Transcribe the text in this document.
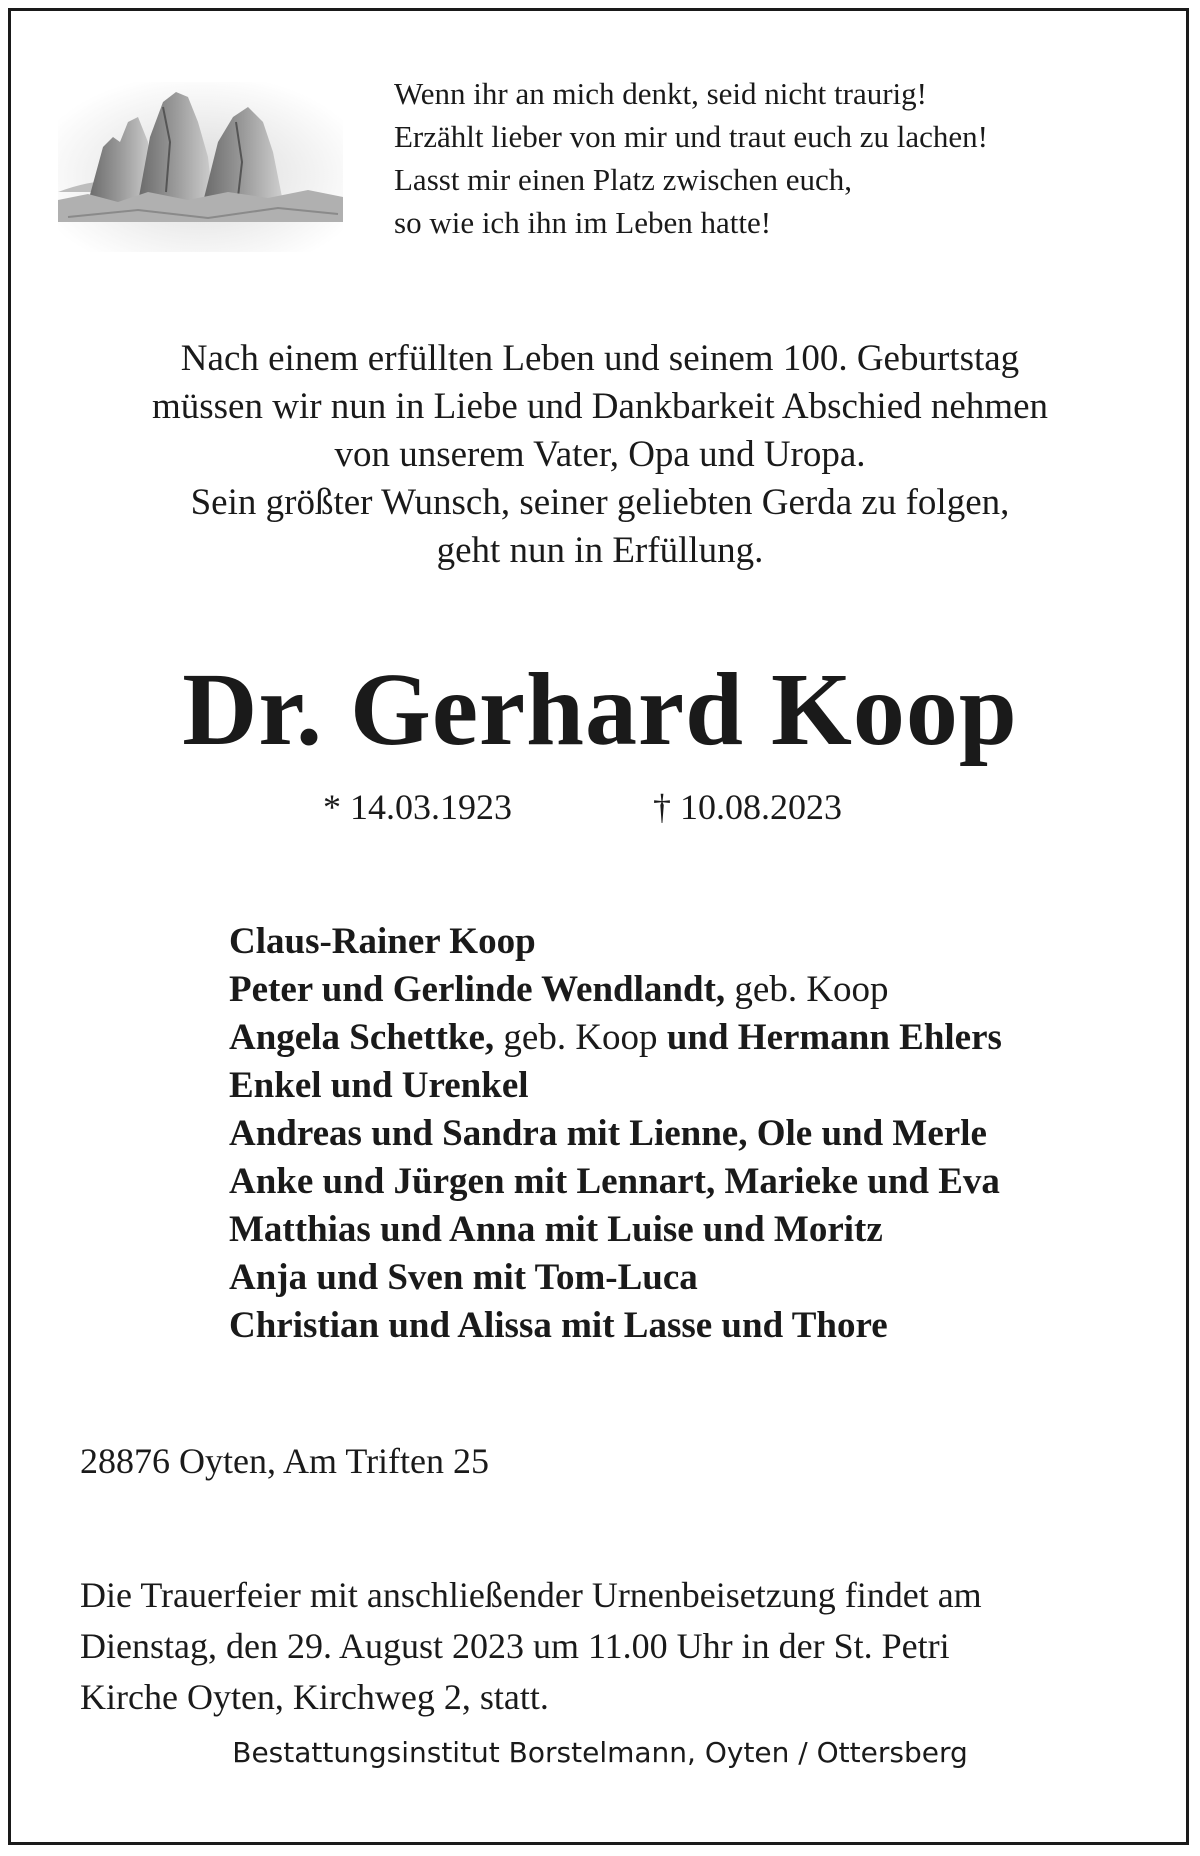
Wenn ihr an mich denkt, seid nicht traurig!
Erzählt lieber von mir und traut euch zu lachen!
Lasst mir einen Platz zwischen euch,
so wie ich ihn im Leben hatte!
Nach einem erfüllten Leben und seinem 100. Geburtstag
müssen wir nun in Liebe und Dankbarkeit Abschied nehmen
von unserem Vater, Opa und Uropa.
Sein größter Wunsch, seiner geliebten Gerda zu folgen,
geht nun in Erfüllung.
Dr. Gerhard Koop
* 14.03.1923	† 10.08.2023
Claus-Rainer Koop
Peter und Gerlinde Wendlandt, geb. Koop
Angela Schettke, geb. Koop und Hermann Ehlers
Enkel und Urenkel
Andreas und Sandra mit Lienne, Ole und Merle
Anke und Jürgen mit Lennart, Marieke und Eva
Matthias und Anna mit Luise und Moritz
Anja und Sven mit Tom-Luca
Christian und Alissa mit Lasse und Thore
28876 Oyten, Am Triften 25
Die Trauerfeier mit anschließender Urnenbeisetzung findet am
Dienstag, den 29. August 2023 um 11.00 Uhr in der St. Petri
Kirche Oyten, Kirchweg 2, statt.
Bestattungsinstitut Borstelmann, Oyten / Ottersberg
